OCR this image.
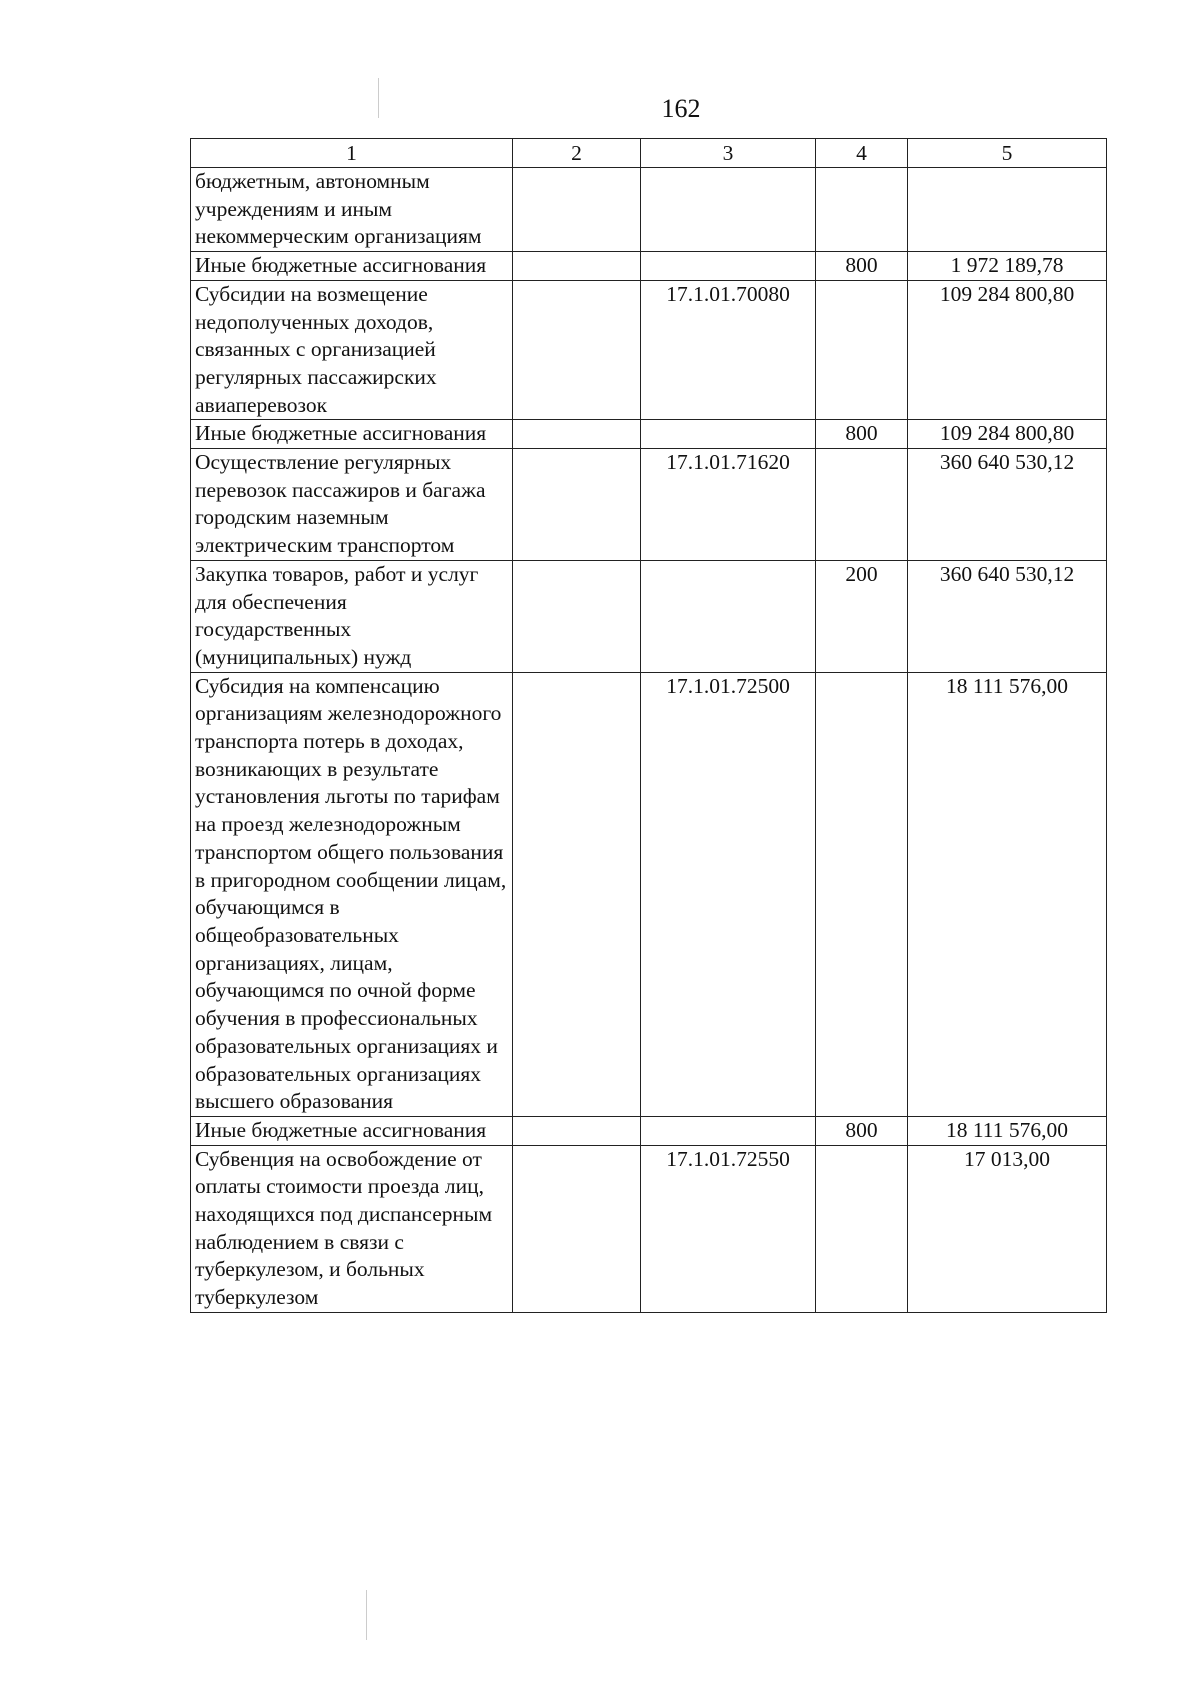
162
1	2	3	4	5
бюджетным, автономным учреждениям и иным некоммерческим организациям				
Иные бюджетные ассигнования			800	1 972 189,78
Субсидии на возмещение недополученных доходов, связанных с организацией регулярных пассажирских авиаперевозок		17.1.01.70080		109 284 800,80
Иные бюджетные ассигнования			800	109 284 800,80
Осуществление регулярных перевозок пассажиров и багажа городским наземным электрическим транспортом		17.1.01.71620		360 640 530,12
Закупка товаров, работ и услуг для обеспечения государственных (муниципальных) нужд			200	360 640 530,12
Субсидия на компенсацию организациям железнодорожного транспорта потерь в доходах, возникающих в результате установления льготы по тарифам на проезд железнодорожным транспортом общего пользования в пригородном сообщении лицам, обучающимся в общеобразовательных организациях, лицам, обучающимся по очной форме обучения в профессиональных образовательных организациях и образовательных организациях высшего образования		17.1.01.72500		18 111 576,00
Иные бюджетные ассигнования			800	18 111 576,00
Субвенция на освобождение от оплаты стоимости проезда лиц, находящихся под диспансерным наблюдением в связи с туберкулезом, и больных туберкулезом		17.1.01.72550		17 013,00
